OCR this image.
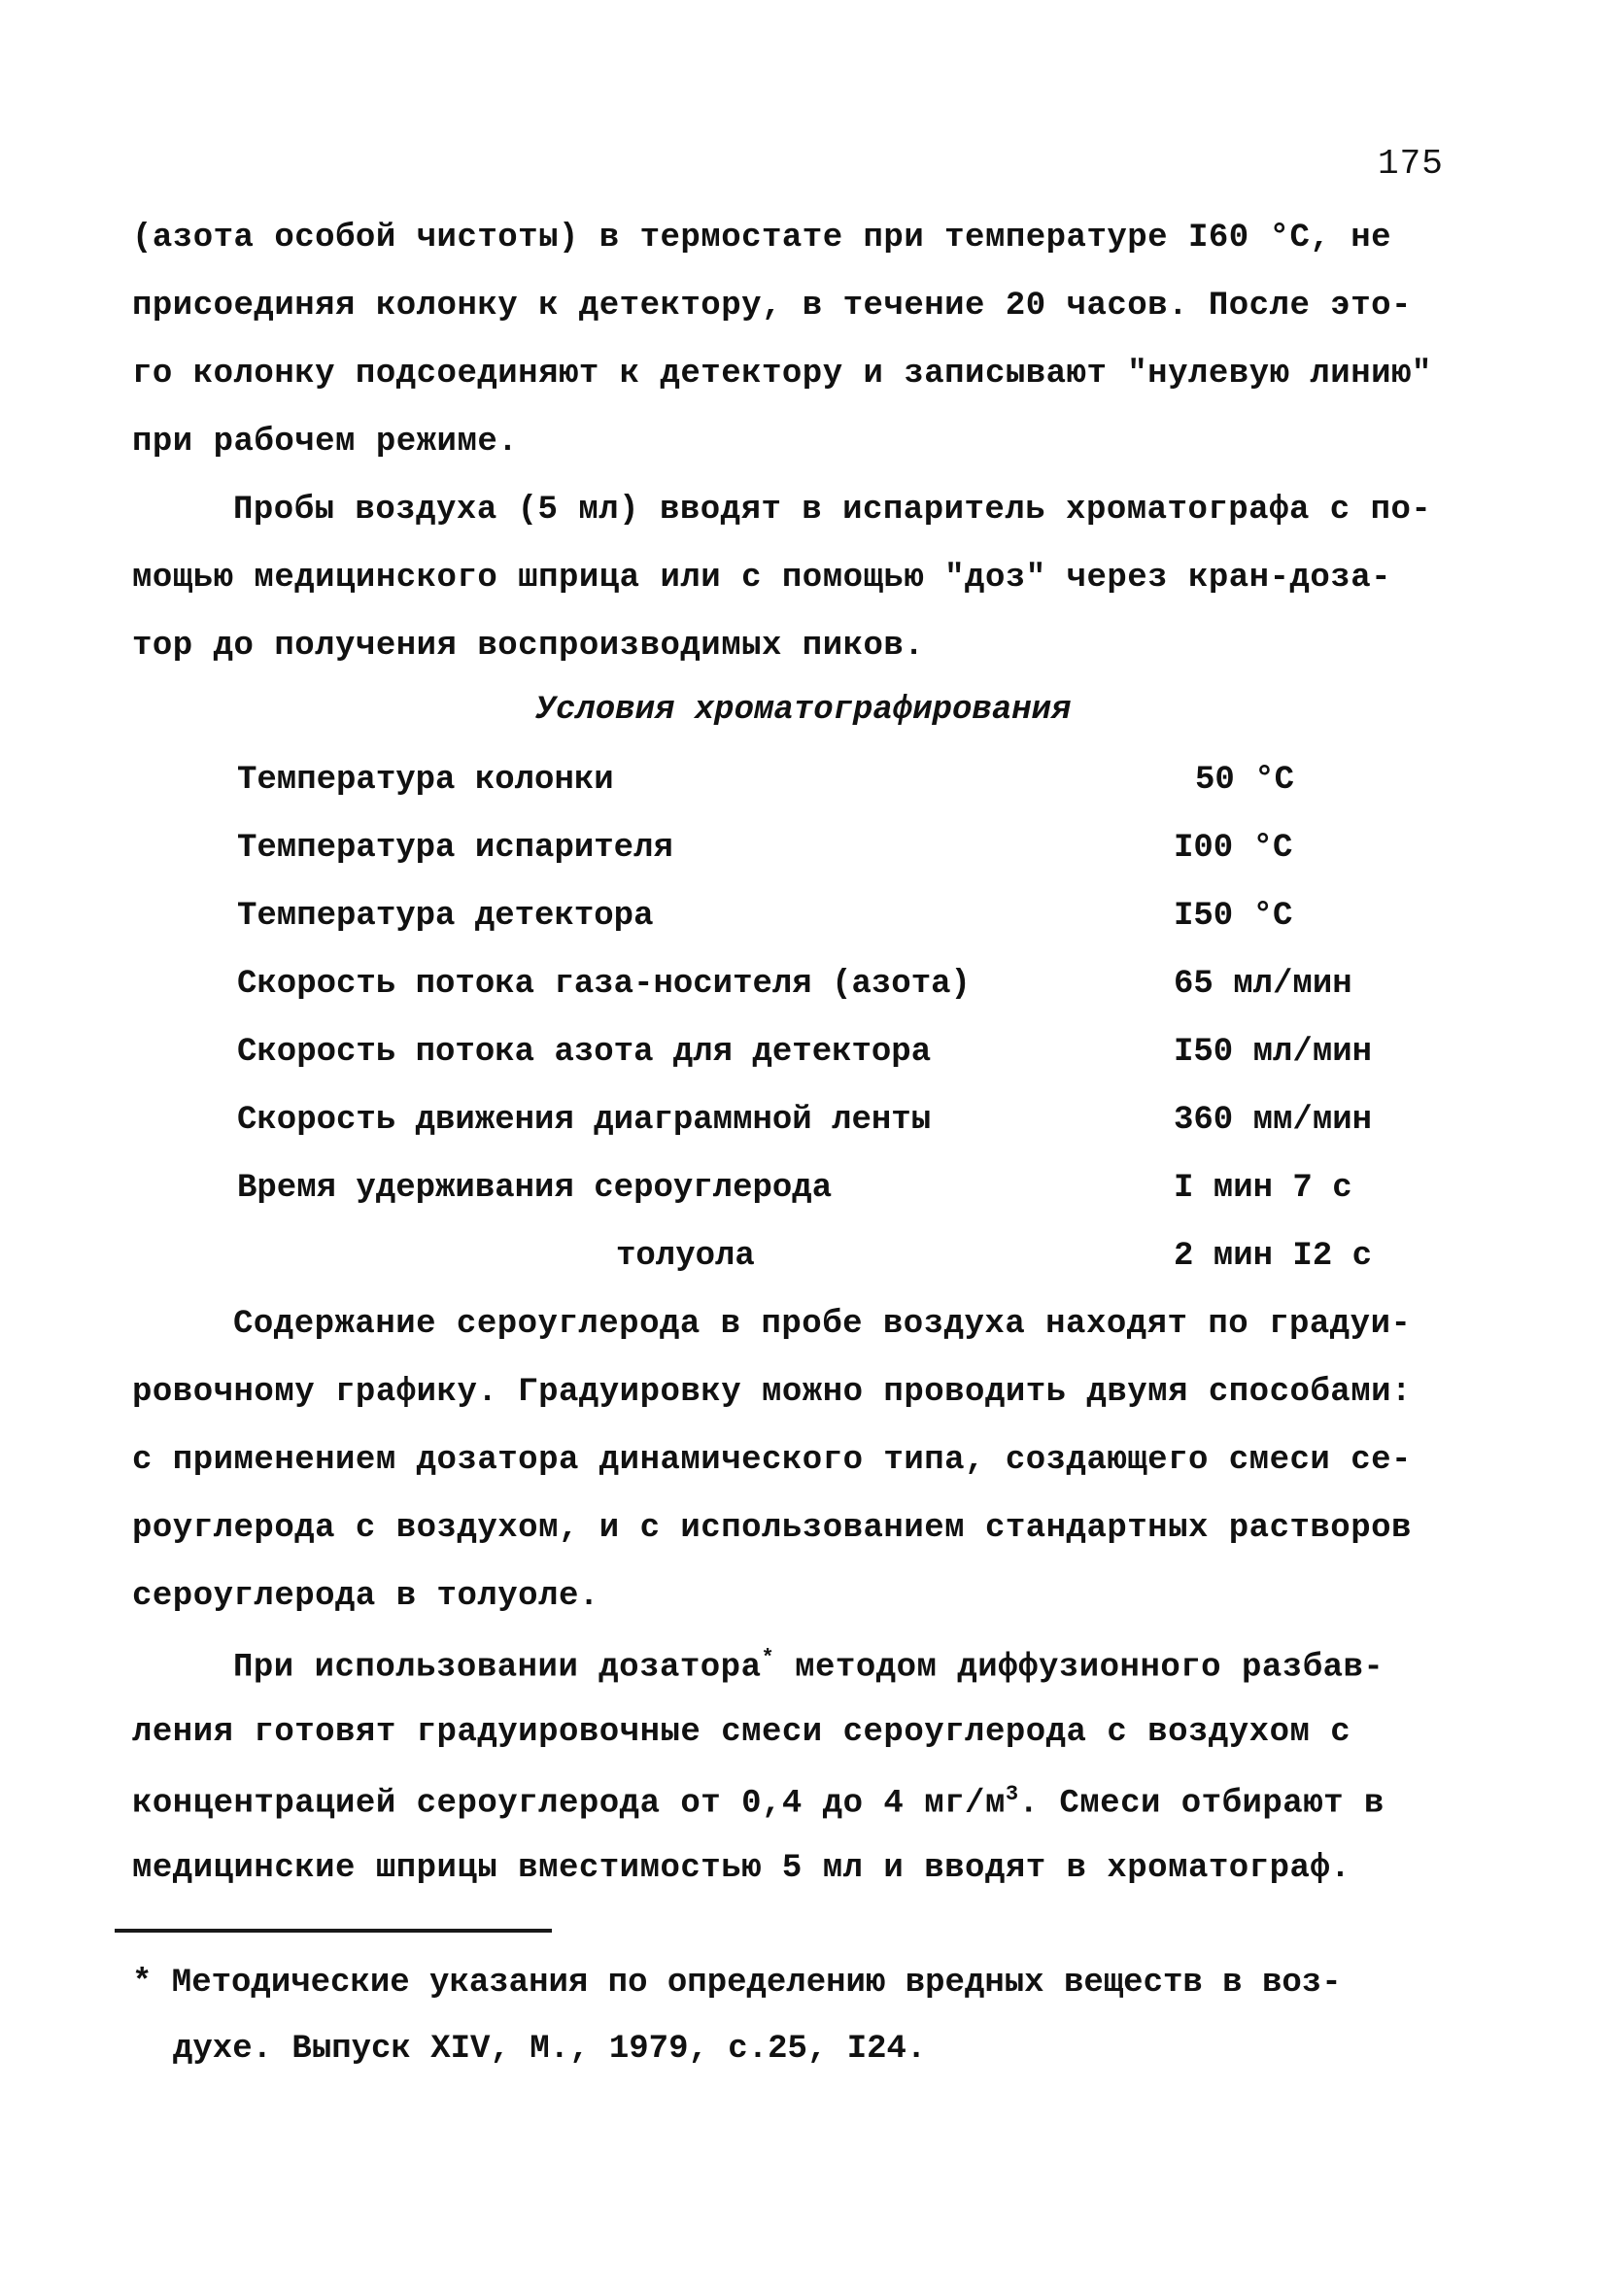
175
(азота особой чистоты) в термостате при температуре I60 °С, не
присоединяя колонку к детектору, в течение 20 часов. После это-
го колонку подсоединяют к детектору и записывают "нулевую линию"
при рабочем режиме.
Пробы воздуха (5 мл) вводят в испаритель хроматографа с по-
мощью медицинского шприца или с помощью "доз" через кран-доза-
тор до получения воспроизводимых пиков.
Условия хроматографирования
Температура колонки	50 °С
Температура испарителя	I00 °С
Температура детектора	I50 °С
Скорость потока газа-носителя (азота)	65 мл/мин
Скорость потока азота для детектора	I50 мл/мин
Скорость движения диаграммной ленты	360 мм/мин
Время удерживания сероуглерода	I мин 7 с
толуола	2 мин I2 с
Содержание сероуглерода в пробе воздуха находят по градуи-
ровочному графику. Градуировку можно проводить двумя способами:
с применением дозатора динамического типа, создающего смеси се-
роуглерода с воздухом, и с использованием стандартных растворов
сероуглерода в толуоле.
При использовании дозатора* методом диффузионного разбав-
ления готовят градуировочные смеси сероуглерода с воздухом с
концентрацией сероуглерода от 0,4 до 4 $мг/м^3$. Смеси отбирают в
медицинские шприцы вместимостью 5 мл и вводят в хроматограф.
* Методические указания по определению вредных веществ в воз-
духе. Выпуск XIV, М., 1979, с.25, I24.
